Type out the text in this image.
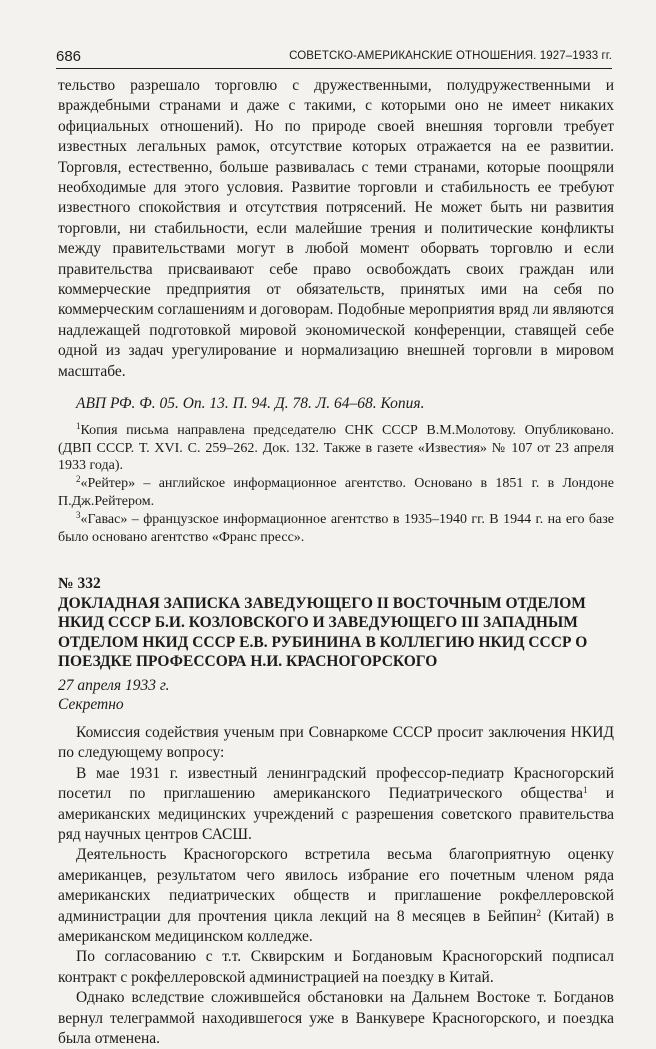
686	СОВЕТСКО-АМЕРИКАНСКИЕ ОТНОШЕНИЯ. 1927–1933 гг.

тельство разрешало торговлю с дружественными, полудружественными и враждебными странами и даже с такими, с которыми оно не имеет никаких официальных отношений). Но по природе своей внешняя торговли требует известных легальных рамок, отсутствие которых отражается на ее развитии. Торговля, естественно, больше развивалась с теми странами, которые поощряли необходимые для этого условия. Развитие торговли и стабильность ее требуют известного спокойствия и отсутствия потрясений. Не может быть ни развития торговли, ни стабильности, если малейшие трения и политические конфликты между правительствами могут в любой момент оборвать торговлю и если правительства присваивают себе право освобождать своих граждан или коммерческие предприятия от обязательств, принятых ими на себя по коммерческим соглашениям и договорам. Подобные мероприятия вряд ли являются надлежащей подготовкой мировой экономической конференции, ставящей себе одной из задач урегулирование и нормализацию внешней торговли в мировом масштабе.

АВП РФ. Ф. 05. Оп. 13. П. 94. Д. 78. Л. 64–68. Копия.

$^1$Копия письма направлена председателю СНК СССР В.М.Молотову. Опубликовано. (ДВП СССР. Т. XVI. С. 259–262. Док. 132. Также в газете «Известия» № 107 от 23 апреля 1933 года).

$^2$«Рейтер» – английское информационное агентство. Основано в 1851 г. в Лондоне П.Дж.Рейтером.

$^3$«Гавас» – французское информационное агентство в 1935–1940 гг. В 1944 г. на его базе было основано агентство «Франс пресс».

№ 332
ДОКЛАДНАЯ ЗАПИСКА ЗАВЕДУЮЩЕГО II ВОСТОЧНЫМ ОТДЕЛОМ НКИД СССР Б.И. КОЗЛОВСКОГО И ЗАВЕДУЮЩЕГО III ЗАПАДНЫМ ОТДЕЛОМ НКИД СССР Е.В. РУБИНИНА В КОЛЛЕГИЮ НКИД СССР О ПОЕЗДКЕ ПРОФЕССОРА Н.И. КРАСНОГОРСКОГО
27 апреля 1933 г.
Секретно

Комиссия содействия ученым при Совнаркоме СССР просит заключения НКИД по следующему вопросу:

В мае 1931 г. известный ленинградский профессор-педиатр Красногорский посетил по приглашению американского Педиатрического общества$^1$ и американских медицинских учреждений с разрешения советского правительства ряд научных центров САСШ.

Деятельность Красногорского встретила весьма благоприятную оценку американцев, результатом чего явилось избрание его почетным членом ряда американских педиатрических обществ и приглашение рокфеллеровской администрации для прочтения цикла лекций на 8 месяцев в Бейпин$^2$ (Китай) в американском медицинском колледже.

По согласованию с т.т. Сквирским и Богдановым Красногорский подписал контракт с рокфеллеровской администрацией на поездку в Китай.

Однако вследствие сложившейся обстановки на Дальнем Востоке т. Богданов вернул телеграммой находившегося уже в Ванкувере Красногорского, и поездка была отменена.
